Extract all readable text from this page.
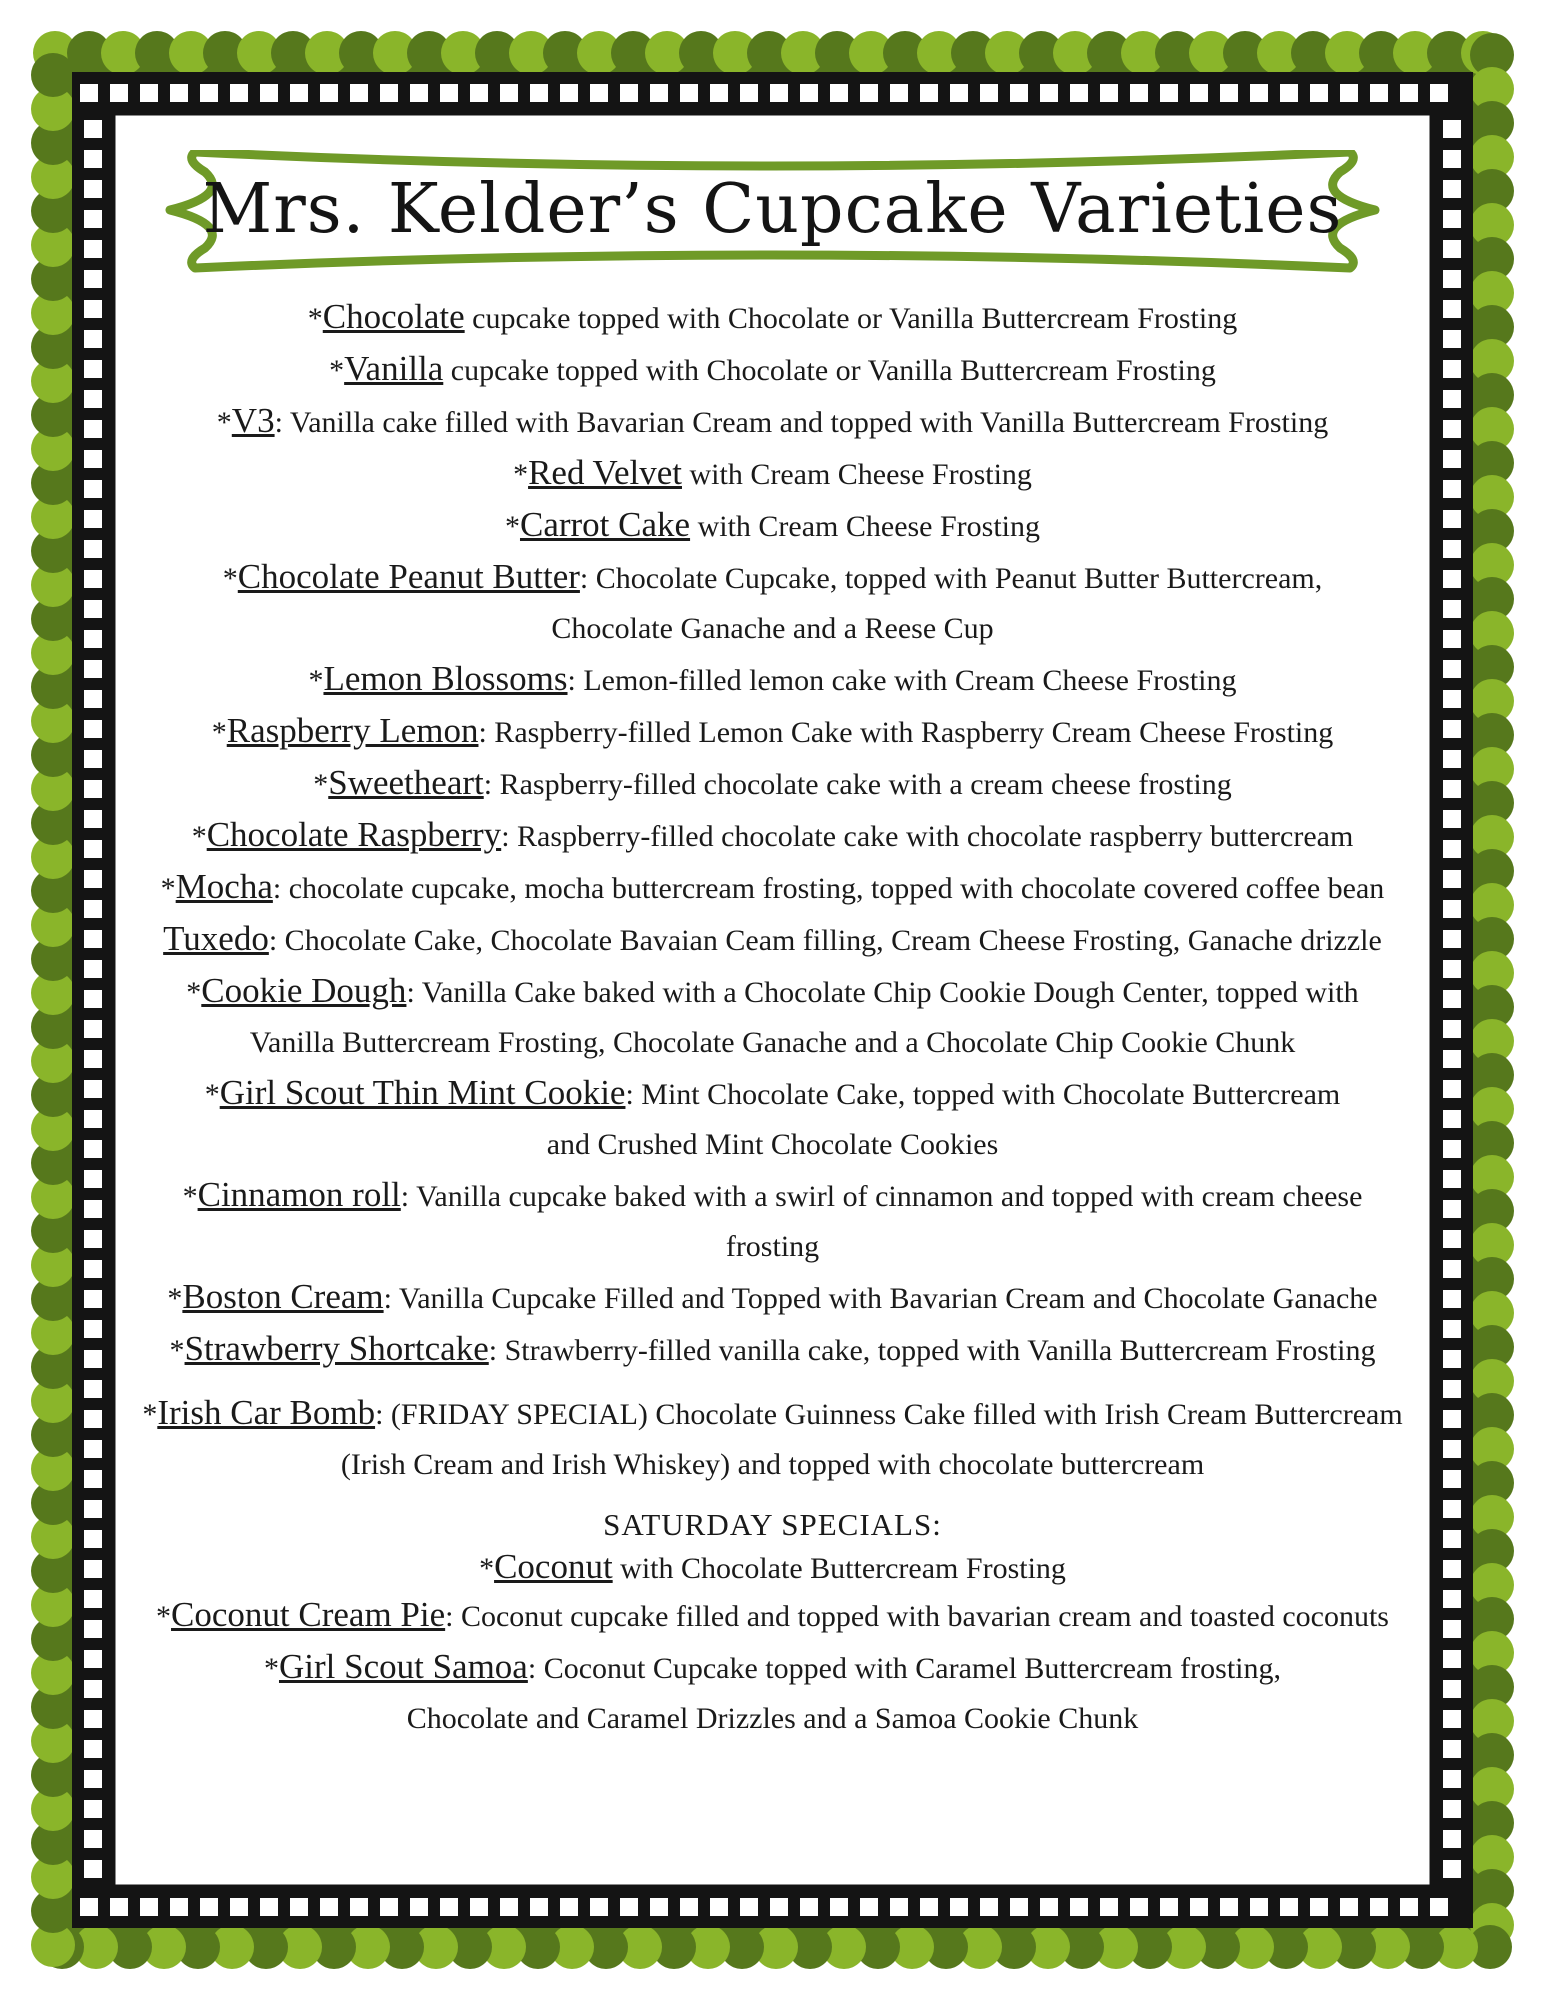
Mrs. Kelder’s Cupcake Varieties

*Chocolate cupcake topped with Chocolate or Vanilla Buttercream Frosting

*Vanilla cupcake topped with Chocolate or Vanilla Buttercream Frosting

*V3: Vanilla cake filled with Bavarian Cream and topped with Vanilla Buttercream Frosting

*Red Velvet with Cream Cheese Frosting

*Carrot Cake with Cream Cheese Frosting

*Chocolate Peanut Butter: Chocolate Cupcake, topped with Peanut Butter Buttercream,
Chocolate Ganache and a Reese Cup

*Lemon Blossoms: Lemon-filled lemon cake with Cream Cheese Frosting

*Raspberry Lemon: Raspberry-filled Lemon Cake with Raspberry Cream Cheese Frosting

*Sweetheart: Raspberry-filled chocolate cake with a cream cheese frosting

*Chocolate Raspberry: Raspberry-filled chocolate cake with chocolate raspberry buttercream

*Mocha: chocolate cupcake, mocha buttercream frosting, topped with chocolate covered coffee bean

Tuxedo: Chocolate Cake, Chocolate Bavaian Ceam filling, Cream Cheese Frosting, Ganache drizzle

*Cookie Dough: Vanilla Cake baked with a Chocolate Chip Cookie Dough Center, topped with
Vanilla Buttercream Frosting, Chocolate Ganache and a Chocolate Chip Cookie Chunk

*Girl Scout Thin Mint Cookie: Mint Chocolate Cake, topped with Chocolate Buttercream
and Crushed Mint Chocolate Cookies

*Cinnamon roll: Vanilla cupcake baked with a swirl of cinnamon and topped with cream cheese frosting

*Boston Cream: Vanilla Cupcake Filled and Topped with Bavarian Cream and Chocolate Ganache

*Strawberry Shortcake: Strawberry-filled vanilla cake, topped with Vanilla Buttercream Frosting

*Irish Car Bomb: (FRIDAY SPECIAL) Chocolate Guinness Cake filled with Irish Cream Buttercream
(Irish Cream and Irish Whiskey) and topped with chocolate buttercream

SATURDAY SPECIALS:

*Coconut with Chocolate Buttercream Frosting

*Coconut Cream Pie: Coconut cupcake filled and topped with bavarian cream and toasted coconuts

*Girl Scout Samoa: Coconut Cupcake topped with Caramel Buttercream frosting,
Chocolate and Caramel Drizzles and a Samoa Cookie Chunk
